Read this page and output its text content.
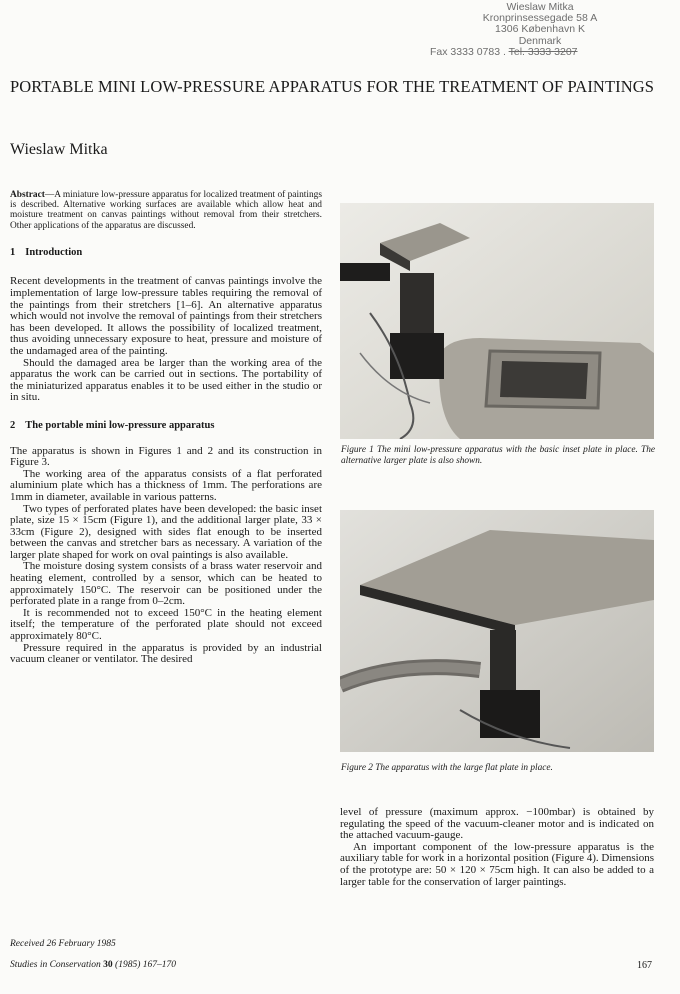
Wieslaw Mitka
Kronprinsessegade 58 A
1306 København K
Denmark
Fax 3333 0783 . Tel. 3333 3207
PORTABLE MINI LOW-PRESSURE APPARATUS FOR THE TREATMENT OF PAINTINGS
Wieslaw Mitka

Abstract—A miniature low-pressure apparatus for localized treatment of paintings is described. Alternative working surfaces are available which allow heat and moisture treatment on canvas paintings without removal from their stretchers. Other applications of the apparatus are discussed.

1 Introduction

Recent developments in the treatment of canvas paintings involve the implementation of large low-pressure tables requiring the removal of the paintings from their stretchers [1–6]. An alternative apparatus which would not involve the removal of paintings from their stretchers has been developed. It allows the possibility of localized treatment, thus avoiding unnecessary exposure to heat, pressure and moisture of the undamaged area of the painting.

Should the damaged area be larger than the working area of the apparatus the work can be carried out in sections. The portability of the miniaturized apparatus enables it to be used either in the studio or in situ.

2 The portable mini low-pressure apparatus

The apparatus is shown in Figures 1 and 2 and its construction in Figure 3.

The working area of the apparatus consists of a flat perforated aluminium plate which has a thickness of 1mm. The perforations are 1mm in diameter, available in various patterns.

Two types of perforated plates have been developed: the basic inset plate, size 15 × 15cm (Figure 1), and the additional larger plate, 33 × 33cm (Figure 2), designed with sides flat enough to be inserted between the canvas and stretcher bars as necessary. A variation of the larger plate shaped for work on oval paintings is also available.

The moisture dosing system consists of a brass water reservoir and heating element, controlled by a sensor, which can be heated to approximately 150°C. The reservoir can be positioned under the perforated plate in a range from 0–2cm.

It is recommended not to exceed 150°C in the heating element itself; the temperature of the perforated plate should not exceed approximately 80°C.

Pressure required in the apparatus is provided by an industrial vacuum cleaner or ventilator. The desired

Received 26 February 1985
Figure 1 The mini low-pressure apparatus with the basic inset plate in place. The alternative larger plate is also shown.
Figure 2 The apparatus with the large flat plate in place.

level of pressure (maximum approx. −100mbar) is obtained by regulating the speed of the vacuum-cleaner motor and is indicated on the attached vacuum-gauge.

An important component of the low-pressure apparatus is the auxiliary table for work in a horizontal position (Figure 4). Dimensions of the prototype are: 50 × 120 × 75cm high. It can also be added to a larger table for the conservation of larger paintings.

Studies in Conservation 30 (1985) 167–170	167
